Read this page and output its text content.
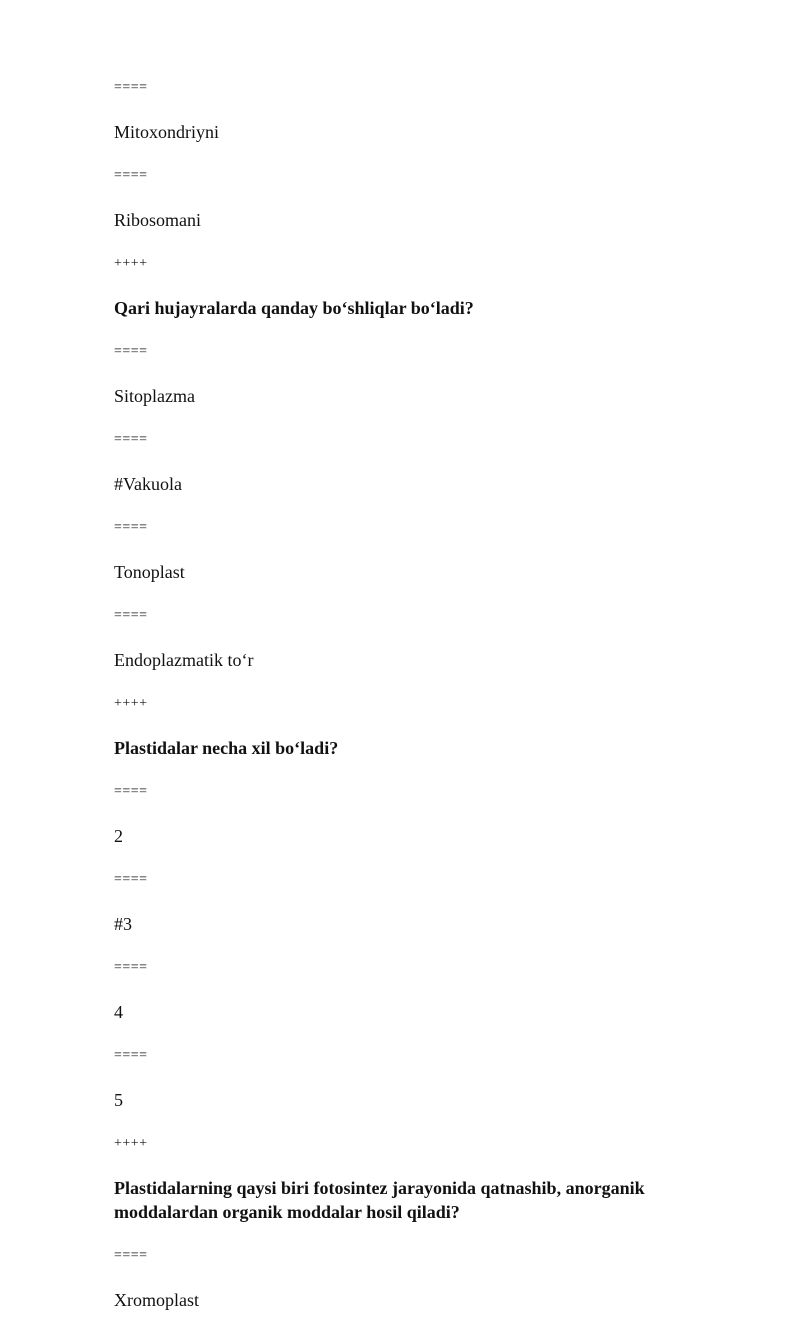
====

Mitoxondriyni

====

Ribosomani

++++

Qari hujayralarda qanday bo‘shliqlar bo‘ladi?

====

Sitoplazma

====

#Vakuola

====

Tonoplast

====

Endoplazmatik to‘r

++++

Plastidalar necha xil bo‘ladi?

====

2

====

#3

====

4

====

5

++++

Plastidalarning qaysi biri fotosintez jarayonida qatnashib, anorganik moddalardan organik moddalar hosil qiladi?

====

Xromoplast
